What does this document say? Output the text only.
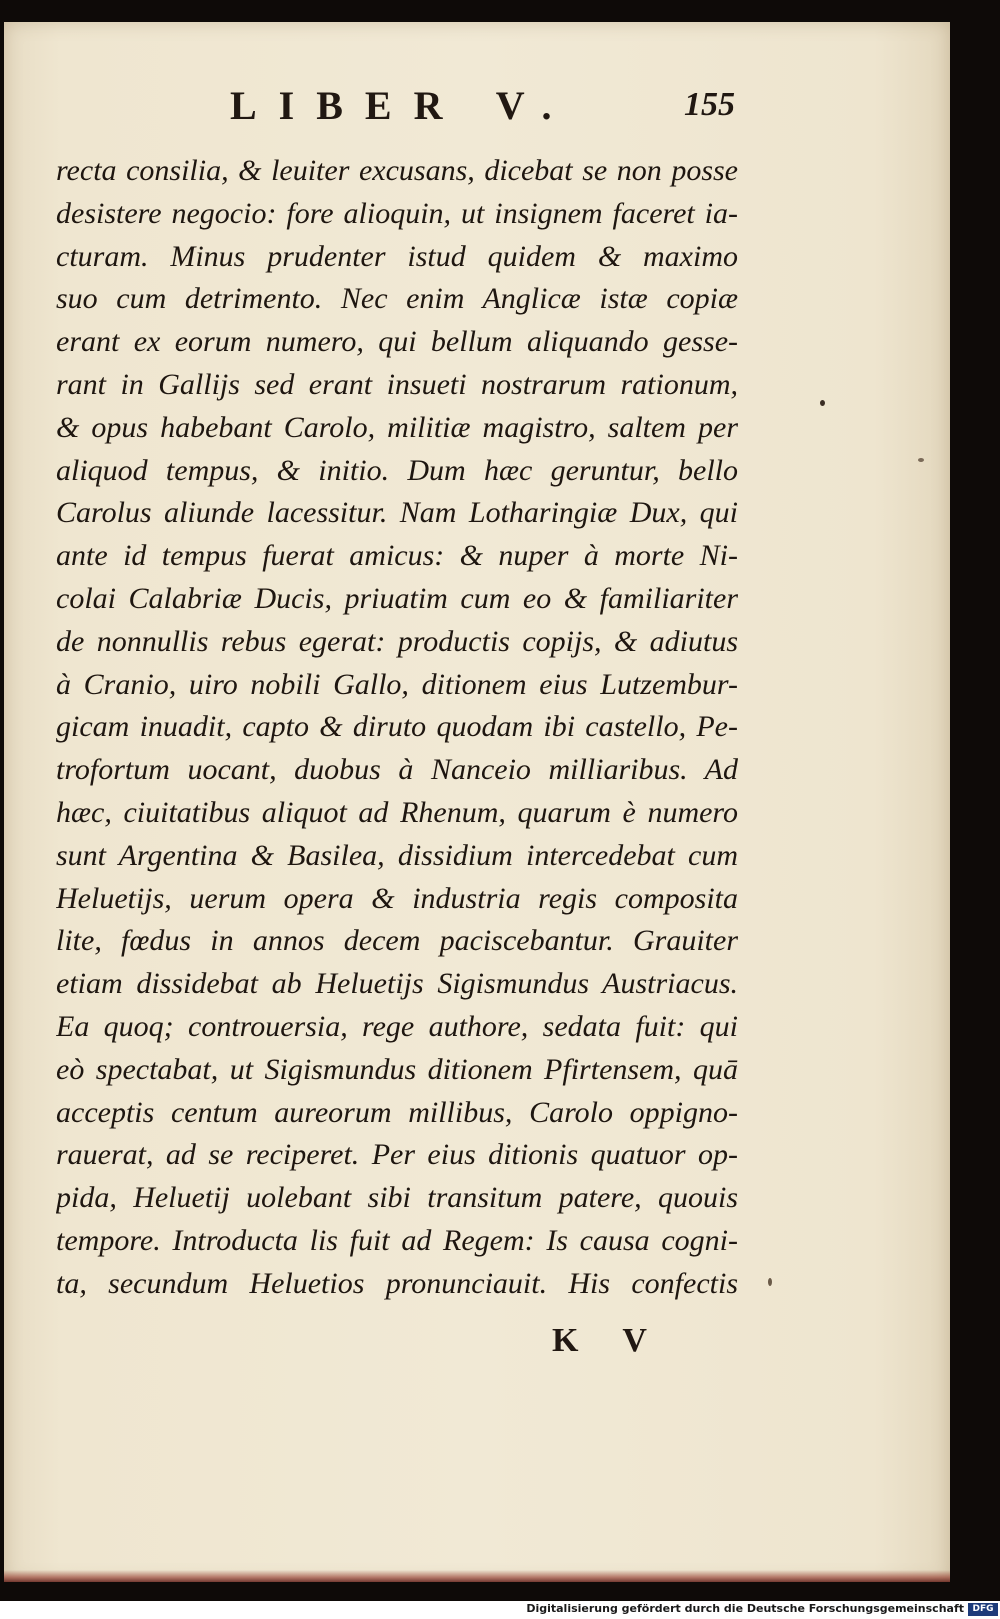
LIBER V.	155
recta consilia, & leuiter excusans, dicebat se non posse
desistere negocio: fore alioquin, ut insignem faceret ia-
cturam. Minus prudenter istud quidem & maximo
suo cum detrimento. Nec enim Anglicæ istæ copiæ
erant ex eorum numero, qui bellum aliquando gesse-
rant in Gallijs sed erant insueti nostrarum rationum,
& opus habebant Carolo, militiæ magistro, saltem per
aliquod tempus, & initio. Dum hæc geruntur, bello
Carolus aliunde lacessitur. Nam Lotharingiæ Dux, qui
ante id tempus fuerat amicus: & nuper à morte Ni-
colai Calabriæ Ducis, priuatim cum eo & familiariter
de nonnullis rebus egerat: productis copijs, & adiutus
à Cranio, uiro nobili Gallo, ditionem eius Lutzembur-
gicam inuadit, capto & diruto quodam ibi castello, Pe-
trofortum uocant, duobus à Nanceio milliaribus. Ad
hæc, ciuitatibus aliquot ad Rhenum, quarum è numero
sunt Argentina & Basilea, dissidium intercedebat cum
Heluetijs, uerum opera & industria regis composita
lite, fœdus in annos decem paciscebantur. Grauiter
etiam dissidebat ab Heluetijs Sigismundus Austriacus.
Ea quoq; controuersia, rege authore, sedata fuit: qui
eò spectabat, ut Sigismundus ditionem Pfirtensem, quā
acceptis centum aureorum millibus, Carolo oppigno-
rauerat, ad se reciperet. Per eius ditionis quatuor op-
pida, Heluetij uolebant sibi transitum patere, quouis
tempore. Introducta lis fuit ad Regem: Is causa cogni-
ta, secundum Heluetios pronunciauit. His confectis
K V
Digitalisierung gefördert durch die Deutsche Forschungsgemeinschaft DFG
